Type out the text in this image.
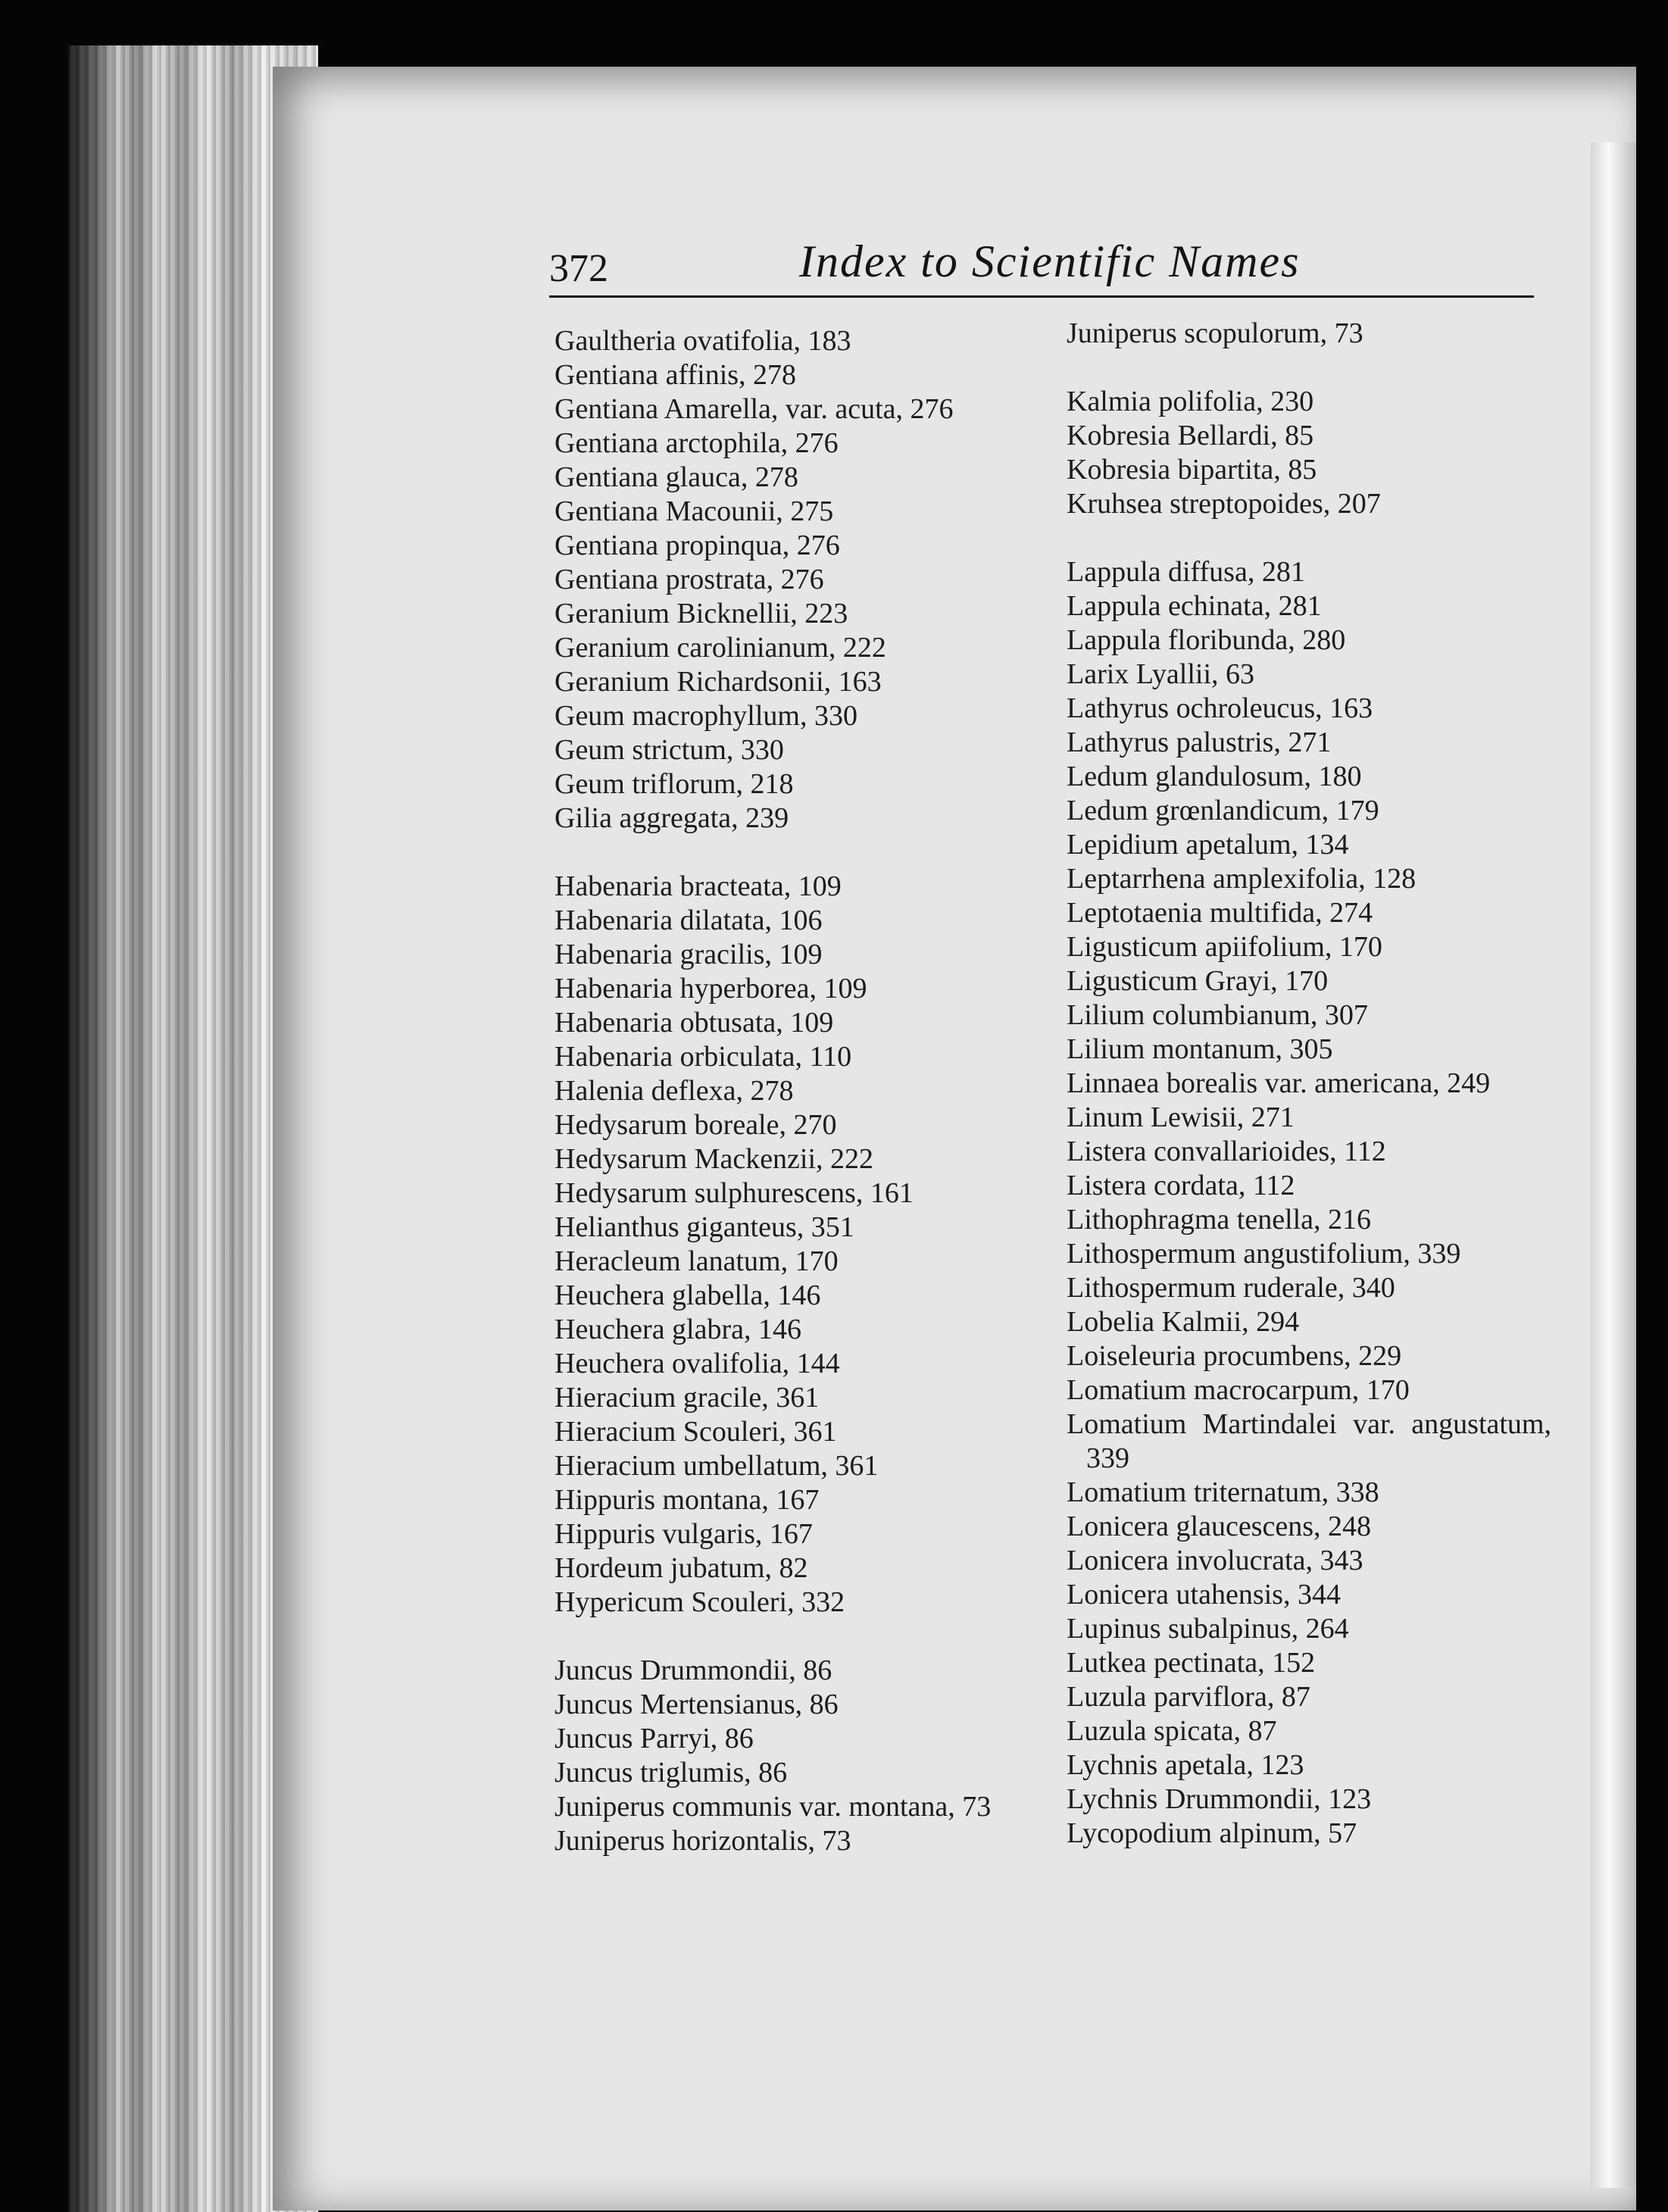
372	Index to Scientific Names
Gaultheria ovatifolia, 183
Gentiana affinis, 278
Gentiana Amarella, var. acuta, 276
Gentiana arctophila, 276
Gentiana glauca, 278
Gentiana Macounii, 275
Gentiana propinqua, 276
Gentiana prostrata, 276
Geranium Bicknellii, 223
Geranium carolinianum, 222
Geranium Richardsonii, 163
Geum macrophyllum, 330
Geum strictum, 330
Geum triflorum, 218
Gilia aggregata, 239
Habenaria bracteata, 109
Habenaria dilatata, 106
Habenaria gracilis, 109
Habenaria hyperborea, 109
Habenaria obtusata, 109
Habenaria orbiculata, 110
Halenia deflexa, 278
Hedysarum boreale, 270
Hedysarum Mackenzii, 222
Hedysarum sulphurescens, 161
Helianthus giganteus, 351
Heracleum lanatum, 170
Heuchera glabella, 146
Heuchera glabra, 146
Heuchera ovalifolia, 144
Hieracium gracile, 361
Hieracium Scouleri, 361
Hieracium umbellatum, 361
Hippuris montana, 167
Hippuris vulgaris, 167
Hordeum jubatum, 82
Hypericum Scouleri, 332
Juncus Drummondii, 86
Juncus Mertensianus, 86
Juncus Parryi, 86
Juncus triglumis, 86
Juniperus communis var. montana, 73
Juniperus horizontalis, 73
Juniperus scopulorum, 73
Kalmia polifolia, 230
Kobresia Bellardi, 85
Kobresia bipartita, 85
Kruhsea streptopoides, 207
Lappula diffusa, 281
Lappula echinata, 281
Lappula floribunda, 280
Larix Lyallii, 63
Lathyrus ochroleucus, 163
Lathyrus palustris, 271
Ledum glandulosum, 180
Ledum grœnlandicum, 179
Lepidium apetalum, 134
Leptarrhena amplexifolia, 128
Leptotaenia multifida, 274
Ligusticum apiifolium, 170
Ligusticum Grayi, 170
Lilium columbianum, 307
Lilium montanum, 305
Linnaea borealis var. americana, 249
Linum Lewisii, 271
Listera convallarioides, 112
Listera cordata, 112
Lithophragma tenella, 216
Lithospermum angustifolium, 339
Lithospermum ruderale, 340
Lobelia Kalmii, 294
Loiseleuria procumbens, 229
Lomatium macrocarpum, 170
Lomatium Martindalei var. angustatum, 339
Lomatium triternatum, 338
Lonicera glaucescens, 248
Lonicera involucrata, 343
Lonicera utahensis, 344
Lupinus subalpinus, 264
Lutkea pectinata, 152
Luzula parviflora, 87
Luzula spicata, 87
Lychnis apetala, 123
Lychnis Drummondii, 123
Lycopodium alpinum, 57
